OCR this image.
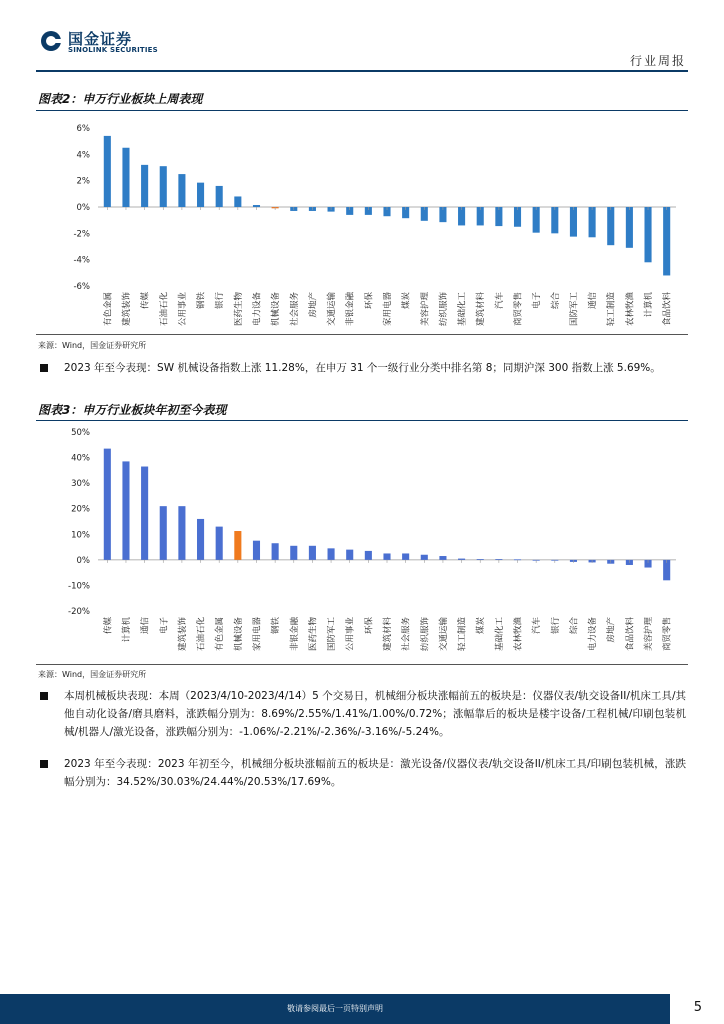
国金证券
SINOLINK SECURITIES
行业周报
图表2：申万行业板块上周表现
6%
4%
2%
0%
-2%
-4%
-6%
有色金属 建筑装饰 传媒 石油石化 公用事业 钢铁 银行 医药生物 电力设备 机械设备 社会服务 房地产 交通运输 非银金融 环保 家用电器 煤炭 美容护理 纺织服饰 基础化工 建筑材料 汽车 商贸零售 电子 综合 国防军工 通信 轻工制造 农林牧渔 计算机 食品饮料
来源：Wind，国金证券研究所
2023 年至今表现：SW 机械设备指数上涨 11.28%，在申万 31 个一级行业分类中排名第 8；同期沪深 300 指数上涨 5.69%。
图表3：申万行业板块年初至今表现
50%
40%
30%
20%
10%
0%
-10%
-20%
传媒 计算机 通信 电子 建筑装饰 石油石化 有色金属 机械设备 家用电器 钢铁 非银金融 医药生物 国防军工 公用事业 环保 建筑材料 社会服务 纺织服饰 交通运输 轻工制造 煤炭 基础化工 农林牧渔 汽车 银行 综合 电力设备 房地产 食品饮料 美容护理 商贸零售
来源：Wind，国金证券研究所
本周机械板块表现：本周（2023/4/10-2023/4/14）5 个交易日，机械细分板块涨幅前五的板块是：仪器仪表/轨交设备II/机床工具/其他自动化设备/磨具磨料，涨跌幅分别为：8.69%/2.55%/1.41%/1.00%/0.72%；涨幅靠后的板块是楼宇设备/工程机械/印刷包装机械/机器人/激光设备，涨跌幅分别为：-1.06%/-2.21%/-2.36%/-3.16%/-5.24%。
2023 年至今表现：2023 年初至今，机械细分板块涨幅前五的板块是：激光设备/仪器仪表/轨交设备II/机床工具/印刷包装机械，涨跌幅分别为：34.52%/30.03%/24.44%/20.53%/17.69%。
敬请参阅最后一页特别声明	5
